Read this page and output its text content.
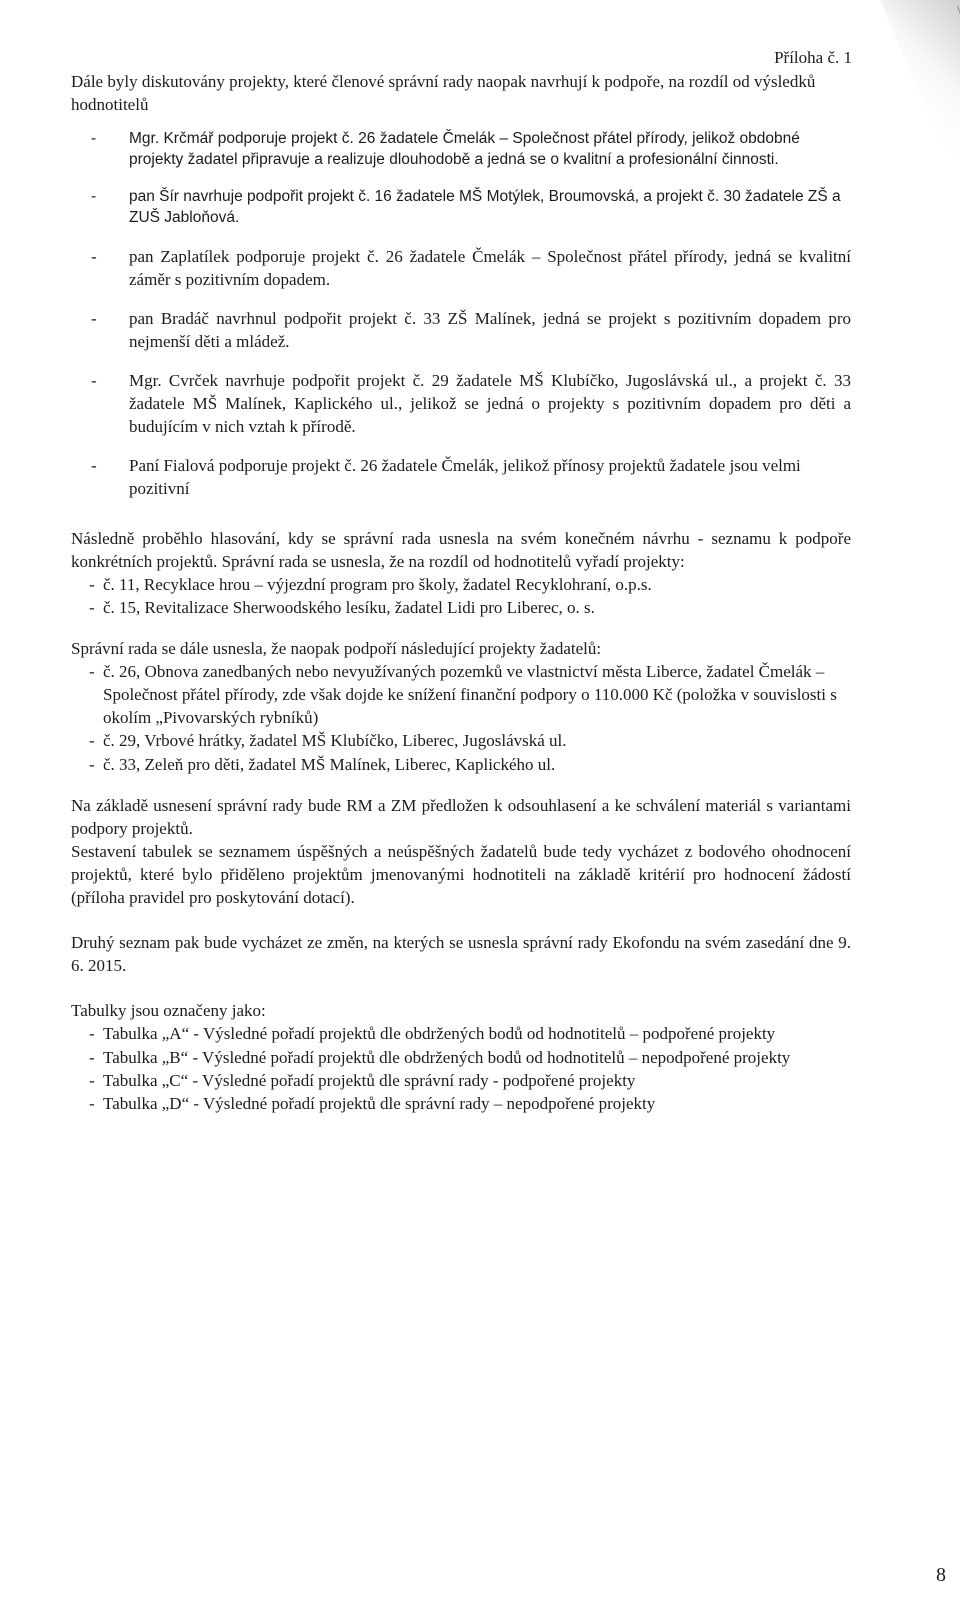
Příloha č. 1

Dále byly diskutovány projekty, které členové správní rady naopak navrhují k podpoře, na rozdíl od výsledků hodnotitelů

- Mgr. Krčmář podporuje projekt č. 26 žadatele Čmelák – Společnost přátel přírody, jelikož obdobné projekty žadatel připravuje a realizuje dlouhodobě a jedná se o kvalitní a profesionální činnosti.
- pan Šír navrhuje podpořit projekt č. 16 žadatele MŠ Motýlek, Broumovská, a projekt č. 30 žadatele ZŠ a ZUŠ Jabloňová.
- pan Zaplatílek podporuje projekt č. 26 žadatele Čmelák – Společnost přátel přírody, jedná se kvalitní záměr s pozitivním dopadem.
- pan Bradáč navrhnul podpořit projekt č. 33 ZŠ Malínek, jedná se projekt s pozitivním dopadem pro nejmenší děti a mládež.
- Mgr. Cvrček navrhuje podpořit projekt č. 29 žadatele MŠ Klubíčko, Jugoslávská ul., a projekt č. 33 žadatele MŠ Malínek, Kaplického ul., jelikož se jedná o projekty s pozitivním dopadem pro děti a budujícím v nich vztah k přírodě.
- Paní Fialová podporuje projekt č. 26 žadatele Čmelák, jelikož přínosy projektů žadatele jsou velmi pozitivní

Následně proběhlo hlasování, kdy se správní rada usnesla na svém konečném návrhu - seznamu k podpoře konkrétních projektů. Správní rada se usnesla, že na rozdíl od hodnotitelů vyřadí projekty:

- č. 11, Recyklace hrou – výjezdní program pro školy, žadatel Recyklohraní, o.p.s.
- č. 15, Revitalizace Sherwoodského lesíku, žadatel Lidi pro Liberec, o. s.

Správní rada se dále usnesla, že naopak podpoří následující projekty žadatelů:

- č. 26, Obnova zanedbaných nebo nevyužívaných pozemků ve vlastnictví města Liberce, žadatel Čmelák – Společnost přátel přírody, zde však dojde ke snížení finanční podpory o 110.000 Kč (položka v souvislosti s okolím „Pivovarských rybníků)
- č. 29, Vrbové hrátky, žadatel MŠ Klubíčko, Liberec, Jugoslávská ul.
- č. 33, Zeleň pro děti, žadatel MŠ Malínek, Liberec, Kaplického ul.

Na základě usnesení správní rady bude RM a ZM předložen k odsouhlasení a ke schválení materiál s variantami podpory projektů.

Sestavení tabulek se seznamem úspěšných a neúspěšných žadatelů bude tedy vycházet z bodového ohodnocení projektů, které bylo přiděleno projektům jmenovanými hodnotiteli na základě kritérií pro hodnocení žádostí (příloha pravidel pro poskytování dotací).

Druhý seznam pak bude vycházet ze změn, na kterých se usnesla správní rady Ekofondu na svém zasedání dne 9. 6. 2015.

Tabulky jsou označeny jako:

- Tabulka „A“ - Výsledné pořadí projektů dle obdržených bodů od hodnotitelů – podpořené projekty
- Tabulka „B“ - Výsledné pořadí projektů dle obdržených bodů od hodnotitelů – nepodpořené projekty
- Tabulka „C“ - Výsledné pořadí projektů dle správní rady - podpořené projekty
- Tabulka „D“ - Výsledné pořadí projektů dle správní rady – nepodpořené projekty
8
